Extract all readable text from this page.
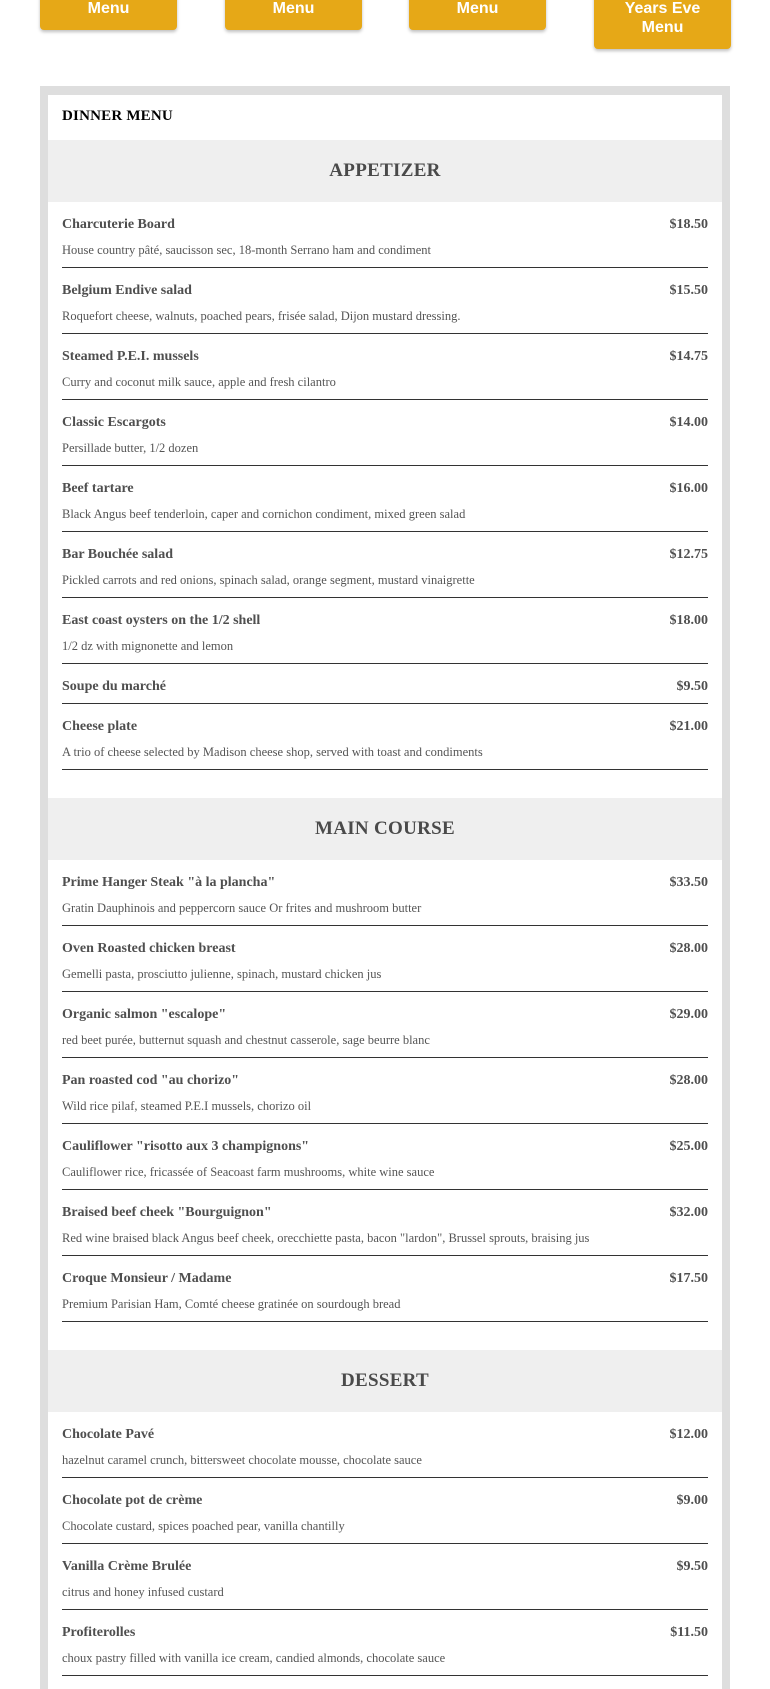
Menu	Menu	Menu	Years Eve
Menu
DINNER MENU
APPETIZER
Charcuterie Board	$18.50
House country pâté, saucisson sec, 18-month Serrano ham and condiment
Belgium Endive salad	$15.50
Roquefort cheese, walnuts, poached pears, frisée salad, Dijon mustard dressing.
Steamed P.E.I. mussels	$14.75
Curry and coconut milk sauce, apple and fresh cilantro
Classic Escargots	$14.00
Persillade butter, 1/2 dozen
Beef tartare	$16.00
Black Angus beef tenderloin, caper and cornichon condiment, mixed green salad
Bar Bouchée salad	$12.75
Pickled carrots and red onions, spinach salad, orange segment, mustard vinaigrette
East coast oysters on the 1/2 shell	$18.00
1/2 dz with mignonette and lemon
Soupe du marché	$9.50
Cheese plate	$21.00
A trio of cheese selected by Madison cheese shop, served with toast and condiments
MAIN COURSE
Prime Hanger Steak "à la plancha"	$33.50
Gratin Dauphinois and peppercorn sauce Or frites and mushroom butter
Oven Roasted chicken breast	$28.00
Gemelli pasta, prosciutto julienne, spinach, mustard chicken jus
Organic salmon "escalope"	$29.00
red beet purée, butternut squash and chestnut casserole, sage beurre blanc
Pan roasted cod "au chorizo"	$28.00
Wild rice pilaf, steamed P.E.I mussels, chorizo oil
Cauliflower "risotto aux 3 champignons"	$25.00
Cauliflower rice, fricassée of Seacoast farm mushrooms, white wine sauce
Braised beef cheek "Bourguignon"	$32.00
Red wine braised black Angus beef cheek, orecchiette pasta, bacon "lardon", Brussel sprouts, braising jus
Croque Monsieur / Madame	$17.50
Premium Parisian Ham, Comté cheese gratinée on sourdough bread
DESSERT
Chocolate Pavé	$12.00
hazelnut caramel crunch, bittersweet chocolate mousse, chocolate sauce
Chocolate pot de crème	$9.00
Chocolate custard, spices poached pear, vanilla chantilly
Vanilla Crème Brulée	$9.50
citrus and honey infused custard
Profiterolles	$11.50
choux pastry filled with vanilla ice cream, candied almonds, chocolate sauce
